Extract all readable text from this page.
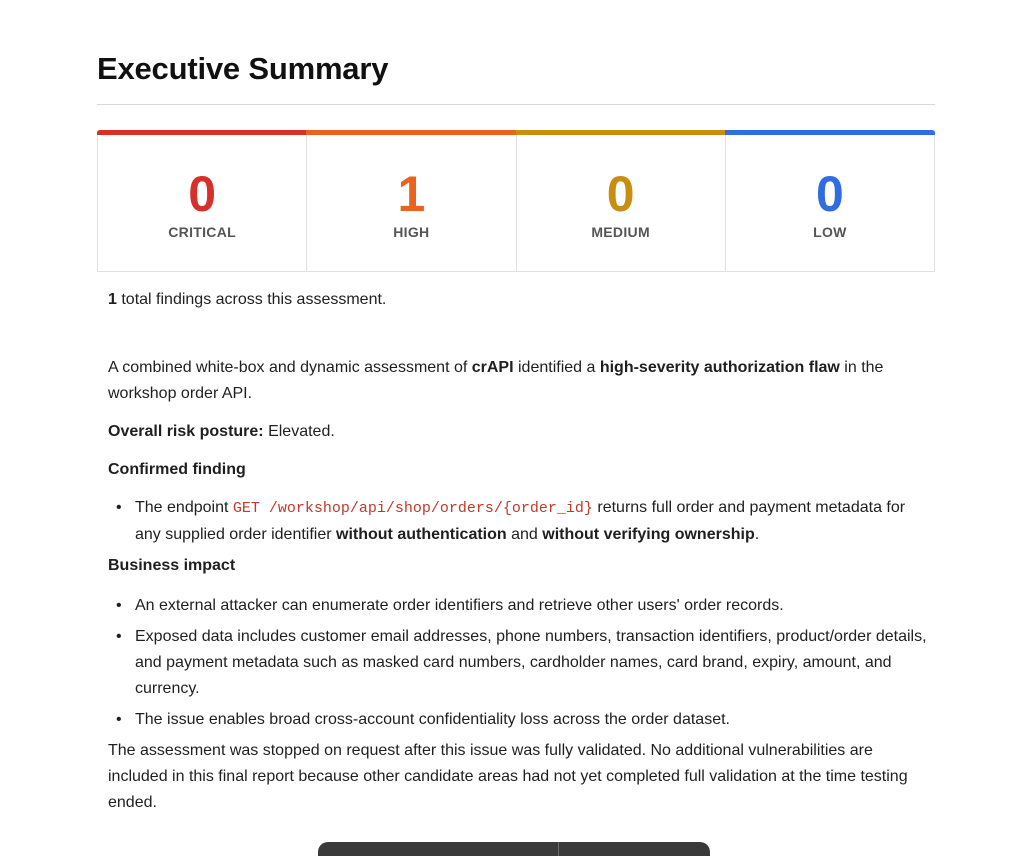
Executive Summary
0
CRITICAL
1
HIGH
0
MEDIUM
0
LOW

1 total findings across this assessment.

A combined white-box and dynamic assessment of crAPI identified a high-severity authorization flaw in the workshop order API.

Overall risk posture: Elevated.

Confirmed finding

• The endpoint GET /workshop/api/shop/orders/{order_id} returns full order and payment metadata for any supplied order identifier without authentication and without verifying ownership.

Business impact

• An external attacker can enumerate order identifiers and retrieve other users' order records.
• Exposed data includes customer email addresses, phone numbers, transaction identifiers, product/order details, and payment metadata such as masked card numbers, cardholder names, card brand, expiry, amount, and currency.
• The issue enables broad cross-account confidentiality loss across the order dataset.

The assessment was stopped on request after this issue was fully validated. No additional vulnerabilities are included in this final report because other candidate areas had not yet completed full validation at the time testing ended.
